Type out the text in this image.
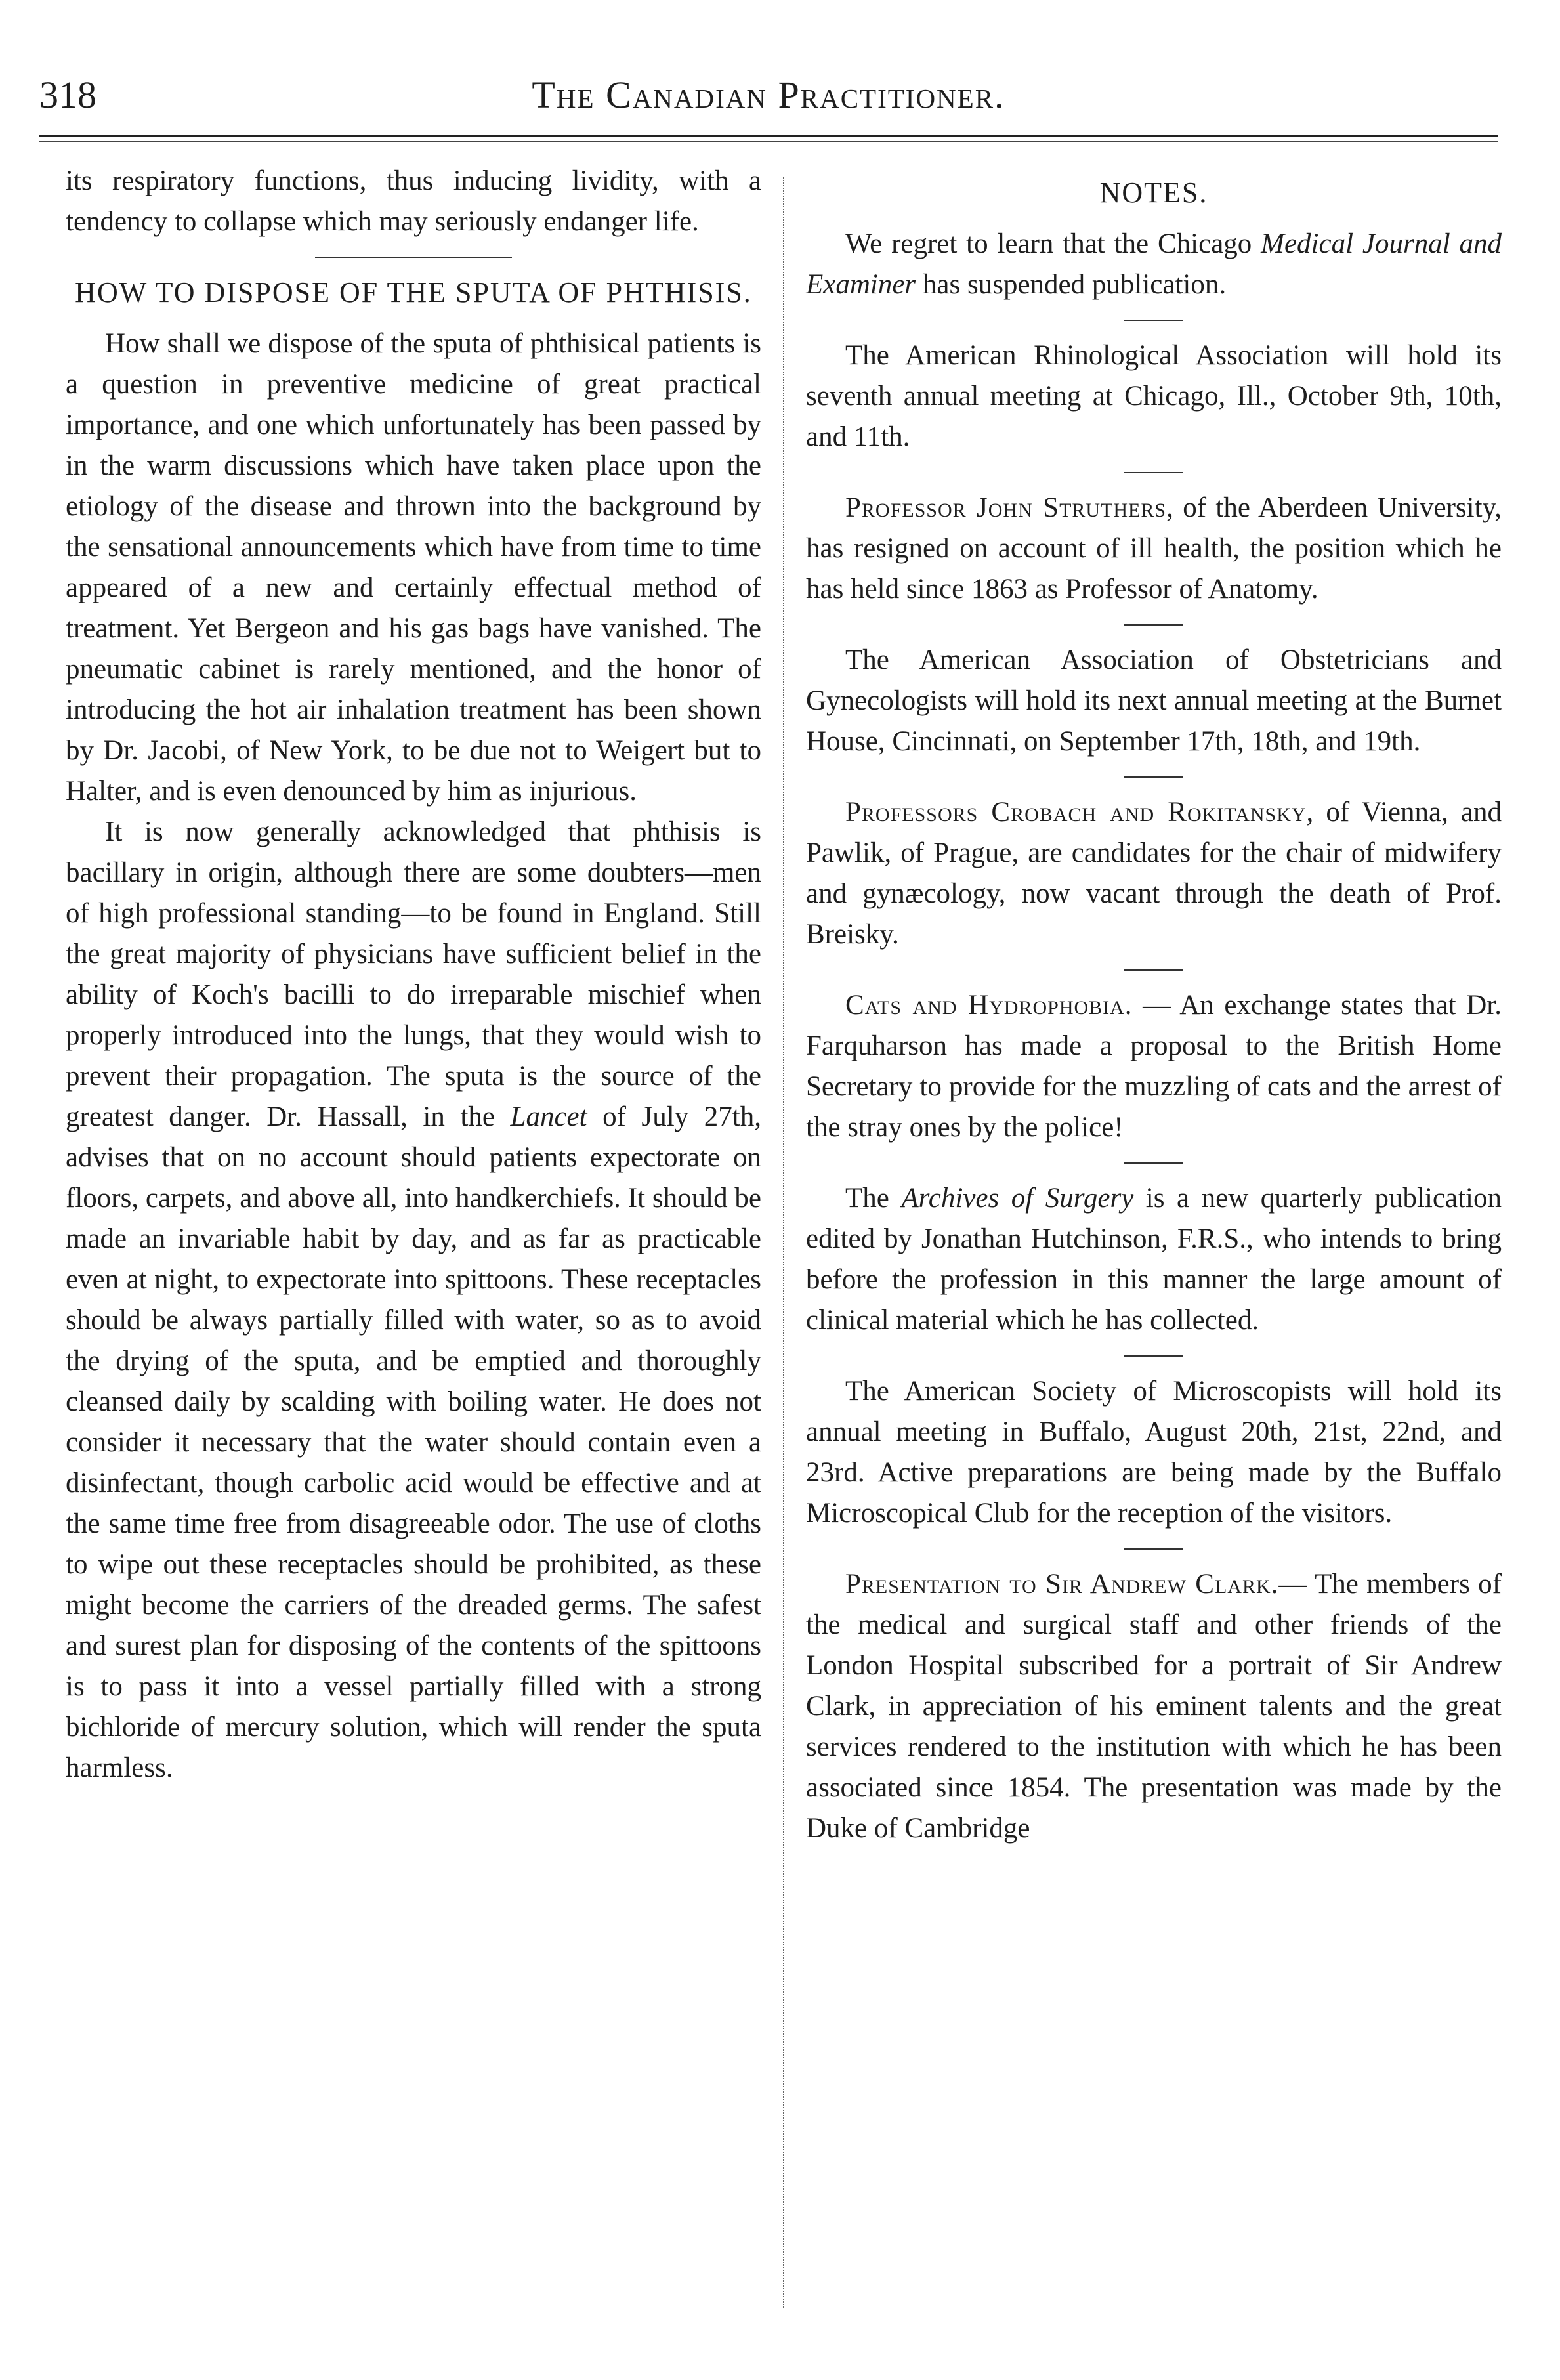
318	The Canadian Practitioner.

its respiratory functions, thus inducing lividity, with a tendency to collapse which may seriously endanger life.

HOW TO DISPOSE OF THE SPUTA OF PHTHISIS.

How shall we dispose of the sputa of phthisical patients is a question in preventive medicine of great practical importance, and one which unfortunately has been passed by in the warm discussions which have taken place upon the etiology of the disease and thrown into the background by the sensational announcements which have from time to time appeared of a new and certainly effectual method of treatment. Yet Bergeon and his gas bags have vanished. The pneumatic cabinet is rarely mentioned, and the honor of introducing the hot air inhalation treatment has been shown by Dr. Jacobi, of New York, to be due not to Weigert but to Halter, and is even denounced by him as injurious.

It is now generally acknowledged that phthisis is bacillary in origin, although there are some doubters—men of high professional standing—to be found in England. Still the great majority of physicians have sufficient belief in the ability of Koch's bacilli to do irreparable mischief when properly introduced into the lungs, that they would wish to prevent their propagation. The sputa is the source of the greatest danger. Dr. Hassall, in the Lancet of July 27th, advises that on no account should patients expectorate on floors, carpets, and above all, into handkerchiefs. It should be made an invariable habit by day, and as far as practicable even at night, to expectorate into spittoons. These receptacles should be always partially filled with water, so as to avoid the drying of the sputa, and be emptied and thoroughly cleansed daily by scalding with boiling water. He does not consider it necessary that the water should contain even a disinfectant, though carbolic acid would be effective and at the same time free from disagreeable odor. The use of cloths to wipe out these receptacles should be prohibited, as these might become the carriers of the dreaded germs. The safest and surest plan for disposing of the contents of the spittoons is to pass it into a vessel partially filled with a strong bichloride of mercury solution, which will render the sputa harmless.

NOTES.

We regret to learn that the Chicago Medical Journal and Examiner has suspended publication.

The American Rhinological Association will hold its seventh annual meeting at Chicago, Ill., October 9th, 10th, and 11th.

Professor John Struthers, of the Aberdeen University, has resigned on account of ill health, the position which he has held since 1863 as Professor of Anatomy.

The American Association of Obstetricians and Gynecologists will hold its next annual meeting at the Burnet House, Cincinnati, on September 17th, 18th, and 19th.

Professors Crobach and Rokitansky, of Vienna, and Pawlik, of Prague, are candidates for the chair of midwifery and gynæcology, now vacant through the death of Prof. Breisky.

Cats and Hydrophobia. — An exchange states that Dr. Farquharson has made a proposal to the British Home Secretary to provide for the muzzling of cats and the arrest of the stray ones by the police!

The Archives of Surgery is a new quarterly publication edited by Jonathan Hutchinson, F.R.S., who intends to bring before the profession in this manner the large amount of clinical material which he has collected.

The American Society of Microscopists will hold its annual meeting in Buffalo, August 20th, 21st, 22nd, and 23rd. Active preparations are being made by the Buffalo Microscopical Club for the reception of the visitors.

Presentation to Sir Andrew Clark.— The members of the medical and surgical staff and other friends of the London Hospital subscribed for a portrait of Sir Andrew Clark, in appreciation of his eminent talents and the great services rendered to the institution with which he has been associated since 1854. The presentation was made by the Duke of Cambridge
